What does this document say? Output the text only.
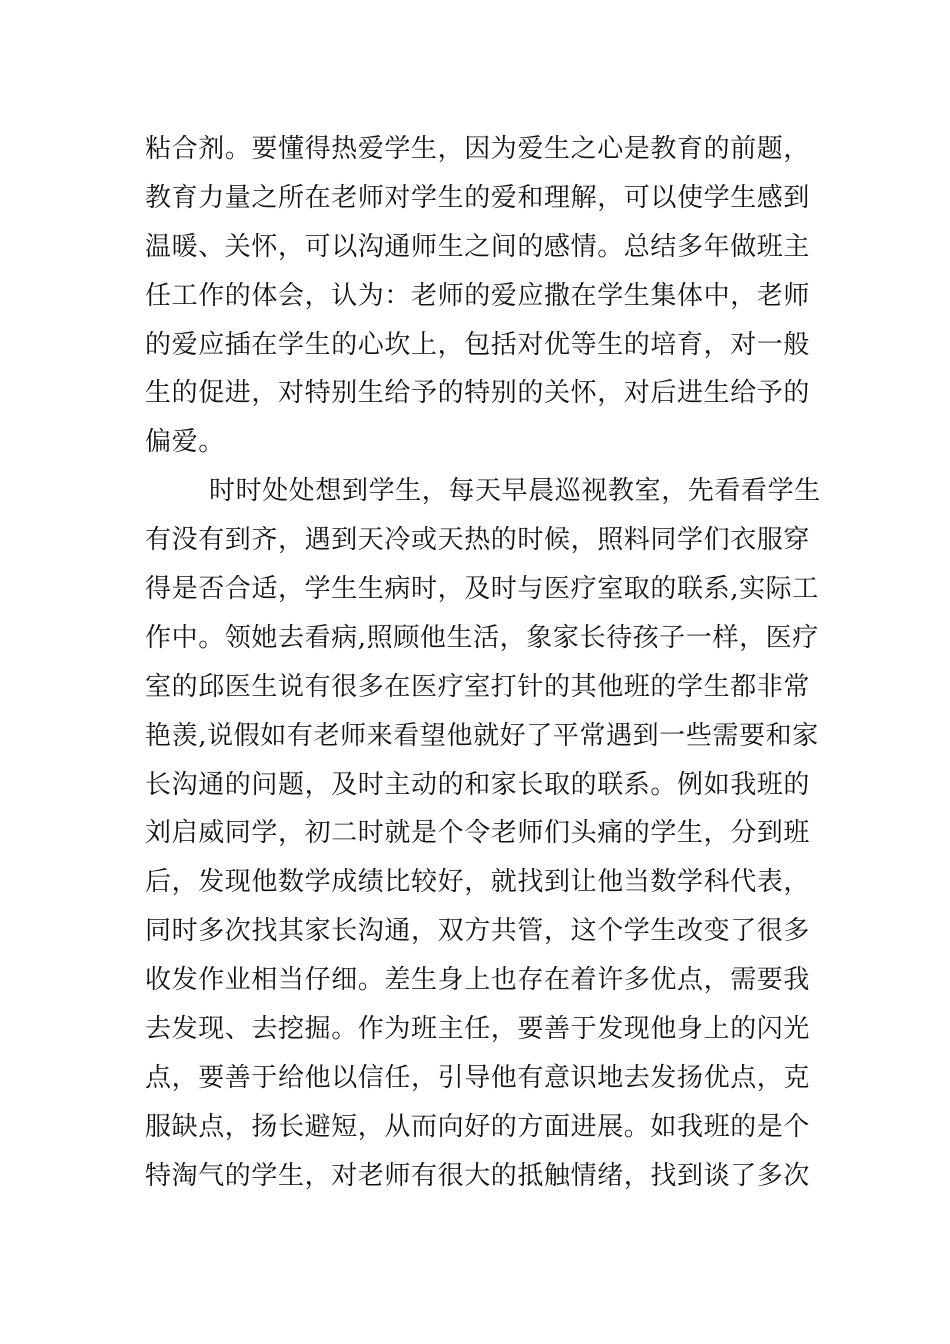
粘合剂。要懂得热爱学生，因为爱生之心是教育的前题，
教育力量之所在老师对学生的爱和理解，可以使学生感到
温暖、关怀，可以沟通师生之间的感情。总结多年做班主
任工作的体会，认为：老师的爱应撒在学生集体中，老师
的爱应插在学生的心坎上，包括对优等生的培育，对一般
生的促进，对特别生给予的特别的关怀，对后进生给予的
偏爱。
时时处处想到学生，每天早晨巡视教室，先看看学生
有没有到齐，遇到天冷或天热的时候，照料同学们衣服穿
得是否合适，学生生病时，及时与医疗室取的联系,实际工
作中。领她去看病,照顾他生活，象家长待孩子一样，医疗
室的邱医生说有很多在医疗室打针的其他班的学生都非常
艳羡,说假如有老师来看望他就好了平常遇到一些需要和家
长沟通的问题，及时主动的和家长取的联系。例如我班的
刘启威同学，初二时就是个令老师们头痛的学生，分到班
后，发现他数学成绩比较好，就找到让他当数学科代表，
同时多次找其家长沟通，双方共管，这个学生改变了很多
收发作业相当仔细。差生身上也存在着许多优点，需要我
去发现、去挖掘。作为班主任，要善于发现他身上的闪光
点，要善于给他以信任，引导他有意识地去发扬优点，克
服缺点，扬长避短，从而向好的方面进展。如我班的是个
特淘气的学生，对老师有很大的抵触情绪，找到谈了多次
